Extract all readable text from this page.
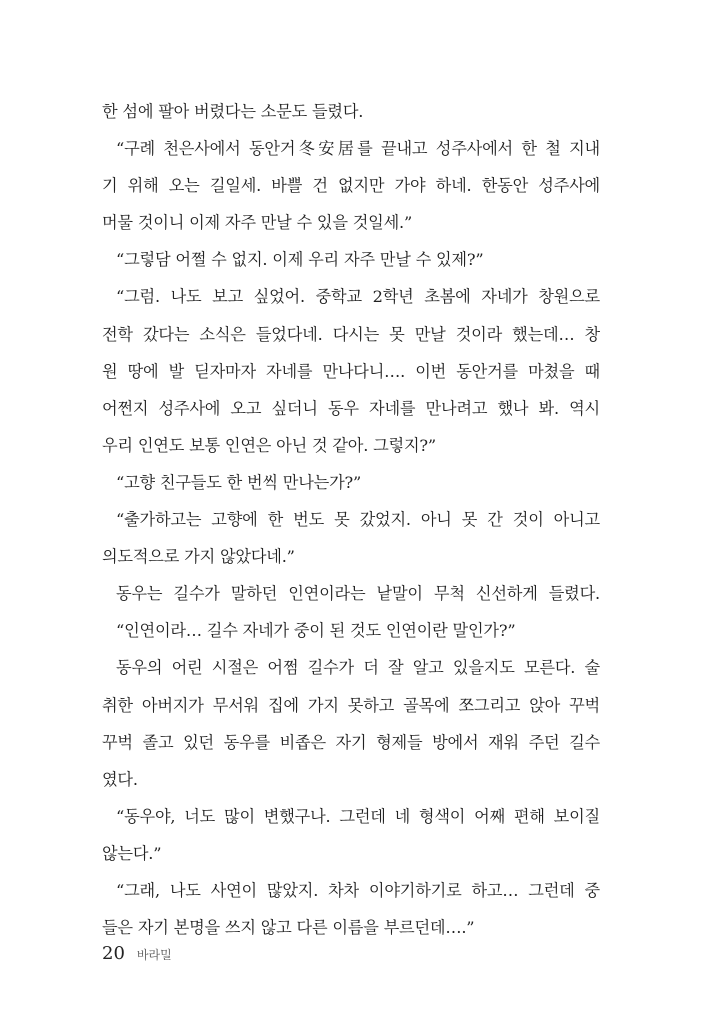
한 섬에 팔아 버렸다는 소문도 들렸다.
“구례 천은사에서 동안거冬安居를 끝내고 성주사에서 한 철 지내
기 위해 오는 길일세. 바쁠 건 없지만 가야 하네. 한동안 성주사에
머물 것이니 이제 자주 만날 수 있을 것일세.”
“그렇담 어쩔 수 없지. 이제 우리 자주 만날 수 있제?”
“그럼. 나도 보고 싶었어. 중학교 2학년 초봄에 자네가 창원으로
전학 갔다는 소식은 들었다네. 다시는 못 만날 것이라 했는데… 창
원 땅에 발 딛자마자 자네를 만나다니…. 이번 동안거를 마쳤을 때
어쩐지 성주사에 오고 싶더니 동우 자네를 만나려고 했나 봐. 역시
우리 인연도 보통 인연은 아닌 것 같아. 그렇지?”
“고향 친구들도 한 번씩 만나는가?”
“출가하고는 고향에 한 번도 못 갔었지. 아니 못 간 것이 아니고
의도적으로 가지 않았다네.”
동우는 길수가 말하던 인연이라는 낱말이 무척 신선하게 들렸다.
“인연이라… 길수 자네가 중이 된 것도 인연이란 말인가?”
동우의 어린 시절은 어쩜 길수가 더 잘 알고 있을지도 모른다. 술
취한 아버지가 무서워 집에 가지 못하고 골목에 쪼그리고 앉아 꾸벅
꾸벅 졸고 있던 동우를 비좁은 자기 형제들 방에서 재워 주던 길수
였다.
“동우야, 너도 많이 변했구나. 그런데 네 형색이 어째 편해 보이질
않는다.”
“그래, 나도 사연이 많았지. 차차 이야기하기로 하고… 그런데 중
들은 자기 본명을 쓰지 않고 다른 이름을 부르던데….”
20 바라밀
